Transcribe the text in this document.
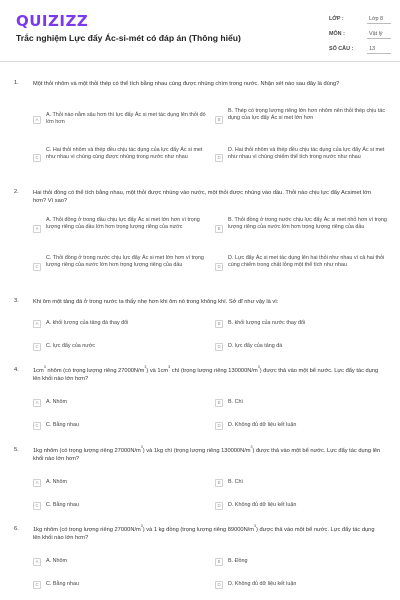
QUIZIZZ
Trắc nghiệm Lực đẩy Ác-si-mét có đáp án (Thông hiểu)
LỚP :	Lớp 8
MÔN :	Vật lý
SỐ CÂU :	13
1.	Một thỏi nhôm và một thỏi thép có thể tích bằng nhau cùng được nhúng chìm trong nước. Nhận xét nào sau đây là đúng?
A
A. Thỏi nào nằm sâu hơn thì lực đẩy Ác si met tác dụng lên thỏi đó lớn hơn	B
B. Thép có trọng lượng riêng lớn hơn nhôm nên thỏi thép chịu tác dụng của lực đẩy Ác si met lớn hơn
C
C. Hai thỏi nhôm và thép đều chịu tác dụng của lực đẩy Ác si met như nhau vì chúng cùng được nhúng trong nước như nhau	D
D. Hai thỏi nhôm và thép đều chịu tác dụng của lực đẩy Ác si met như nhau vì chúng chiếm thể tích trong nước như nhau
2.	Hai thỏi đồng có thể tích bằng nhau, một thỏi được nhúng vào nước, một thỏi được nhúng vào dầu. Thỏi nào chịu lực đẩy Acsimet lớn hơn? Vì sao?
A
A. Thỏi đồng ở trong dầu chịu lực đẩy Ác si met lớn hơn vì trọng lượng riêng của dầu lớn hơn trọng lượng riêng của nước	B
B. Thỏi đồng ở trong nước chịu lực đẩy Ác si met nhỏ hơn vì trọng lượng riêng của nước lớn hơn trọng lượng riêng của dầu
C
C. Thỏi đồng ở trong nước chịu lực đẩy Ác si met lớn hơn vì trọng lượng riêng của nước lớn hơn trọng lượng riêng của dầu	D
D. Lực đẩy Ác si met tác dụng lên hai thỏi như nhau vì cả hai thỏi cùng chiếm trong chất lỏng một thể tích như nhau
3.	Khi ôm một tảng đá ở trong nước ta thấy nhẹ hơn khi ôm nó trong không khí. Sở dĩ như vậy là vì:
A	A. khối lượng của tảng đá thay đổi	B	B. khối lượng của nước thay đổi
C	C. lực đẩy của nước	D	D. lực đẩy của tảng đá
4.	$1cm^3$ nhôm (có trọng lượng riêng $27000N/m^3$) và $1cm^3$ chì (trọng lượng riêng $130000N/m^3$) được thả vào một bể nước. Lực đẩy tác dụng lên khối nào lớn hơn?
A	A. Nhôm	B	B. Chì
C	C. Bằng nhau	D	D. Không đủ dữ liệu kết luận
5.	1kg nhôm (có trọng lượng riêng $27000N/m^3$) và 1kg chì (trọng lượng riêng $130000N/m^3$) được thả vào một bể nước. Lực đẩy tác dụng lên khối nào lớn hơn?
A	A. Nhôm	B	B. Chì
C	C. Bằng nhau	D	D. Không đủ dữ liệu kết luận
6.	1kg nhôm (có trọng lượng riêng $27000N/m^3$) và 1 kg đồng (trọng lượng riêng $89000N/m^3$) được thả vào một bể nước. Lực đẩy tác dụng lên khối nào lớn hơn?
A	A. Nhôm	B	B. Đồng
C	C. Bằng nhau	D	D. Không đủ dữ liệu kết luận
